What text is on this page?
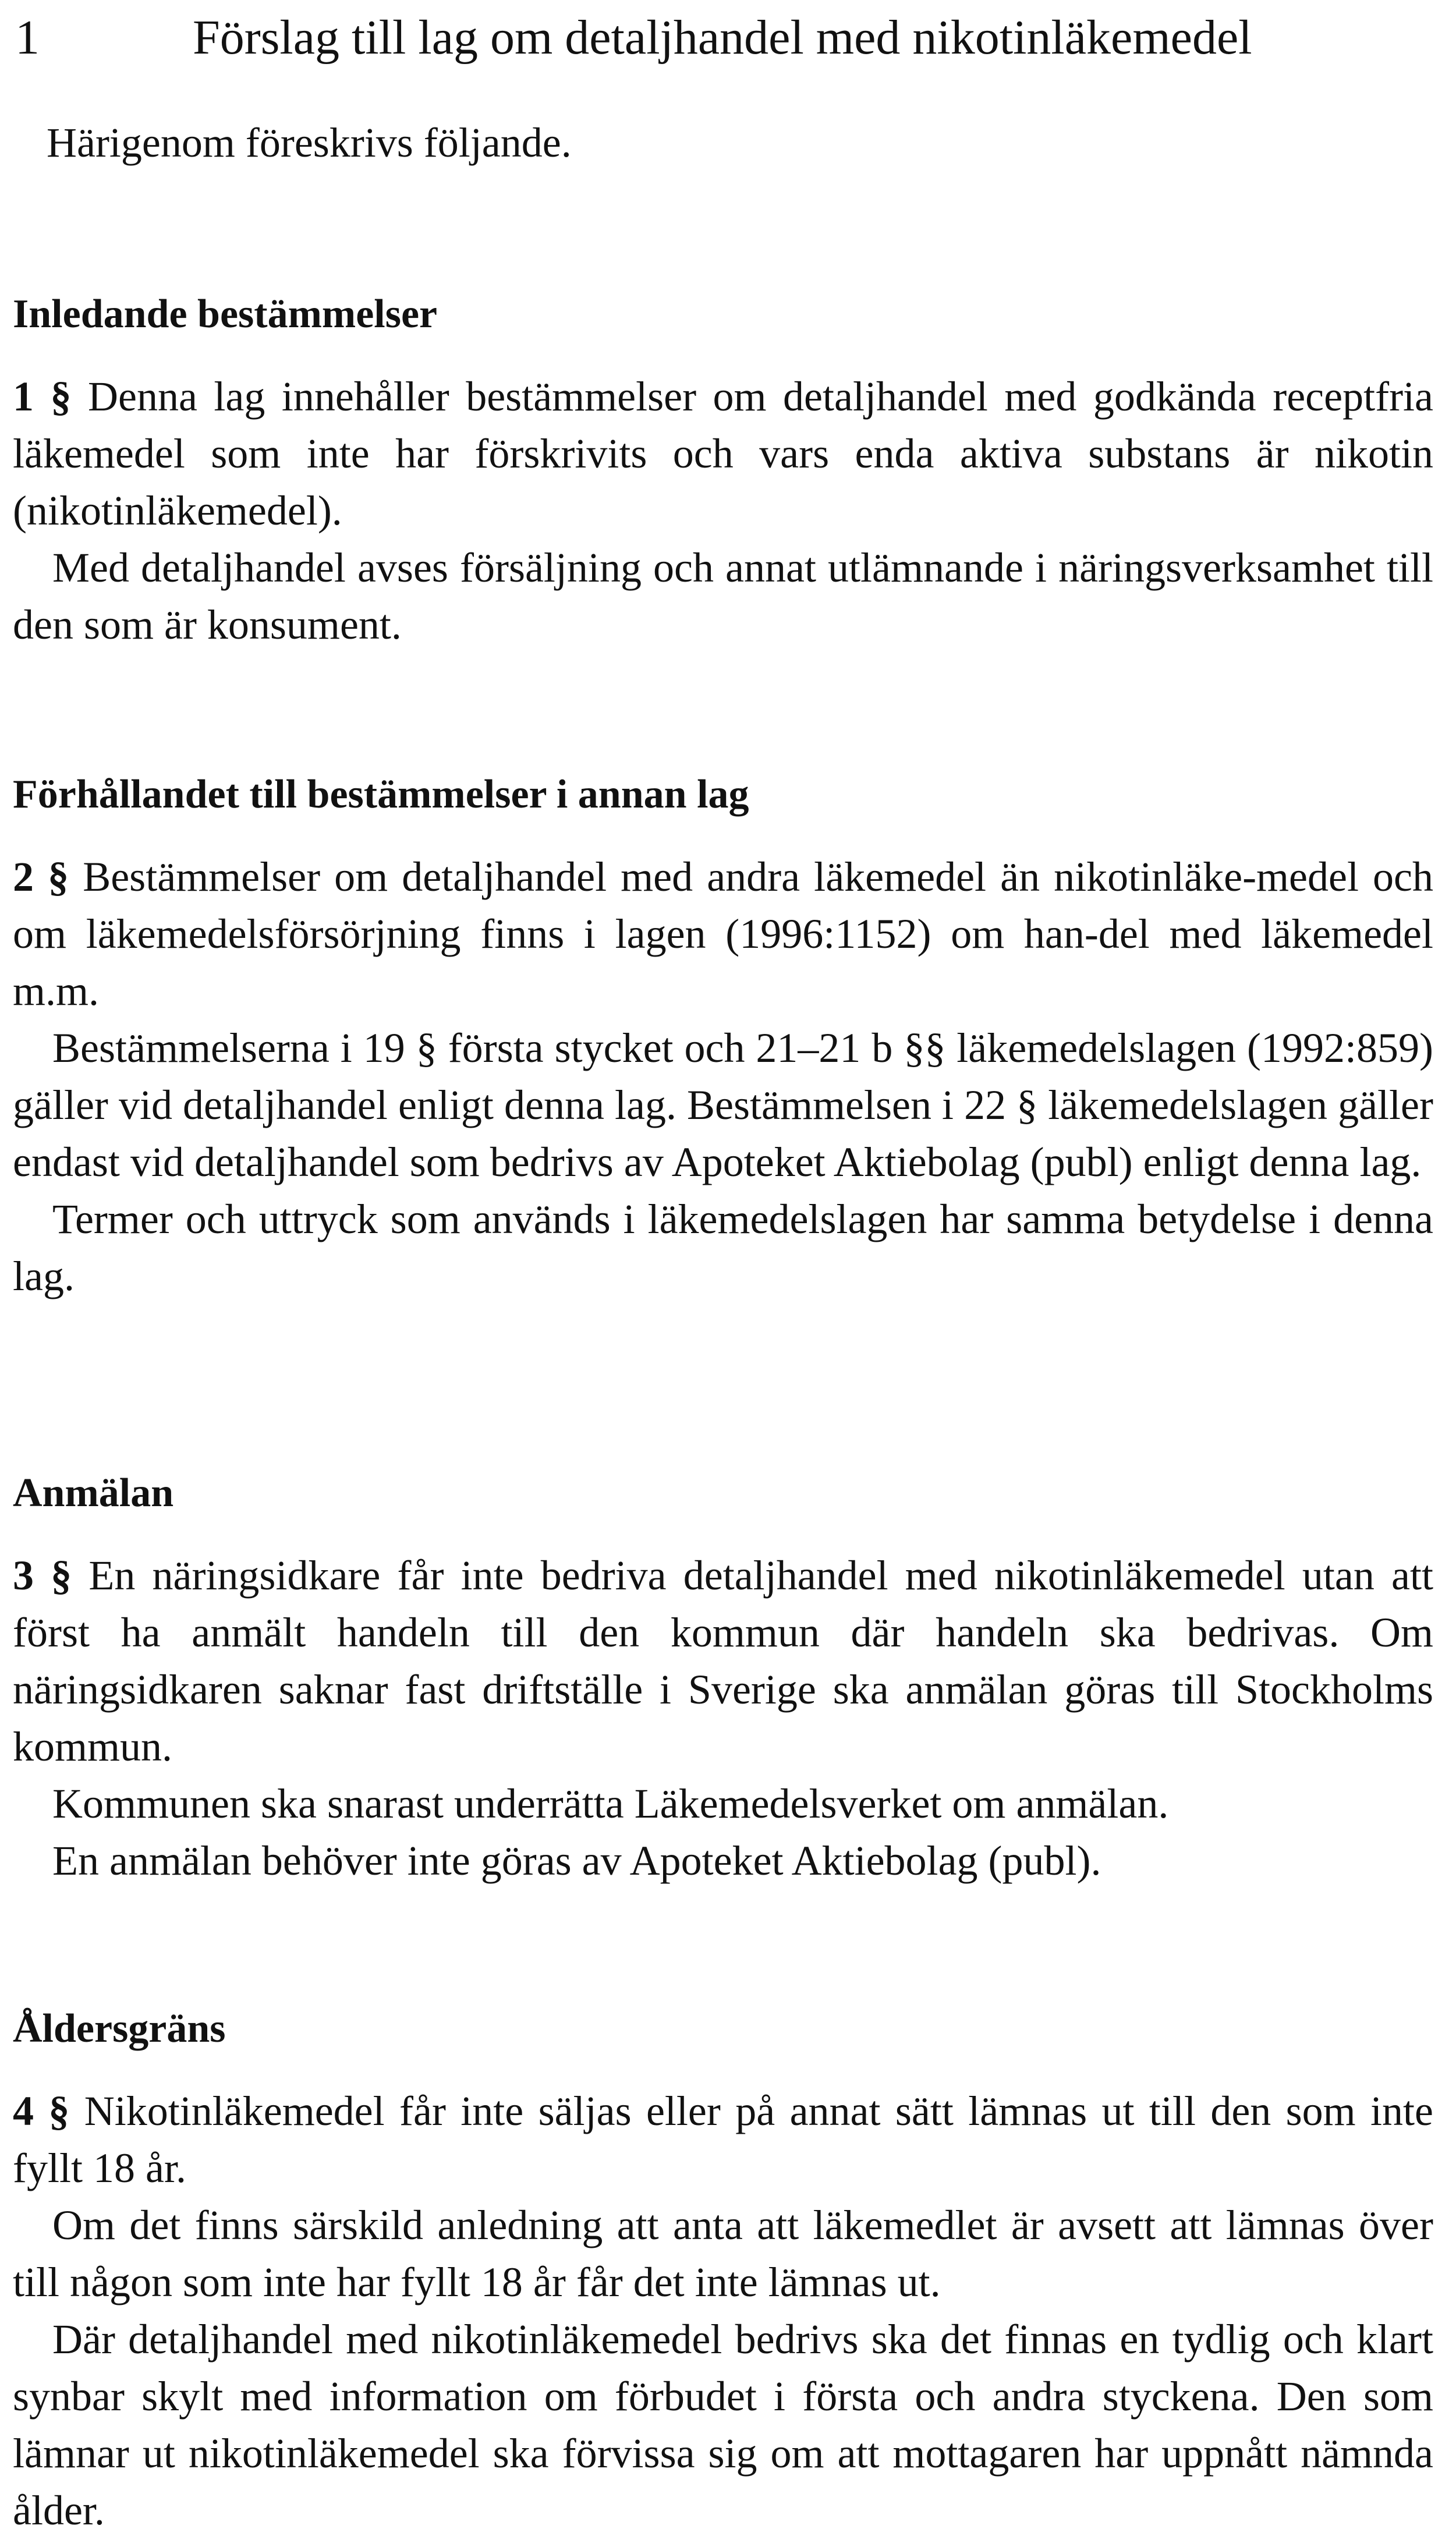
1	Förslag till lag om detaljhandel med nikotinläkemedel
Härigenom föreskrivs följande.
Inledande bestämmelser

1 § Denna lag innehåller bestämmelser om detaljhandel med godkända receptfria läkemedel som inte har förskrivits och vars enda aktiva substans är nikotin (nikotinläkemedel).

Med detaljhandel avses försäljning och annat utlämnande i näringsverksamhet till den som är konsument.

Förhållandet till bestämmelser i annan lag

2 § Bestämmelser om detaljhandel med andra läkemedel än nikotinläke-medel och om läkemedelsförsörjning finns i lagen (1996:1152) om han-del med läkemedel m.m.

Bestämmelserna i 19 § första stycket och 21–21 b §§ läkemedelslagen (1992:859) gäller vid detaljhandel enligt denna lag. Bestämmelsen i 22 § läkemedelslagen gäller endast vid detaljhandel som bedrivs av Apoteket Aktiebolag (publ) enligt denna lag.

Termer och uttryck som används i läkemedelslagen har samma betydelse i denna lag.

Anmälan

3 § En näringsidkare får inte bedriva detaljhandel med nikotinläkemedel utan att först ha anmält handeln till den kommun där handeln ska bedrivas. Om näringsidkaren saknar fast driftställe i Sverige ska anmälan göras till Stockholms kommun.

Kommunen ska snarast underrätta Läkemedelsverket om anmälan.

En anmälan behöver inte göras av Apoteket Aktiebolag (publ).

Åldersgräns

4 § Nikotinläkemedel får inte säljas eller på annat sätt lämnas ut till den som inte fyllt 18 år.

Om det finns särskild anledning att anta att läkemedlet är avsett att lämnas över till någon som inte har fyllt 18 år får det inte lämnas ut.

Där detaljhandel med nikotinläkemedel bedrivs ska det finnas en tydlig och klart synbar skylt med information om förbudet i första och andra styckena. Den som lämnar ut nikotinläkemedel ska förvissa sig om att mottagaren har uppnått nämnda ålder.
